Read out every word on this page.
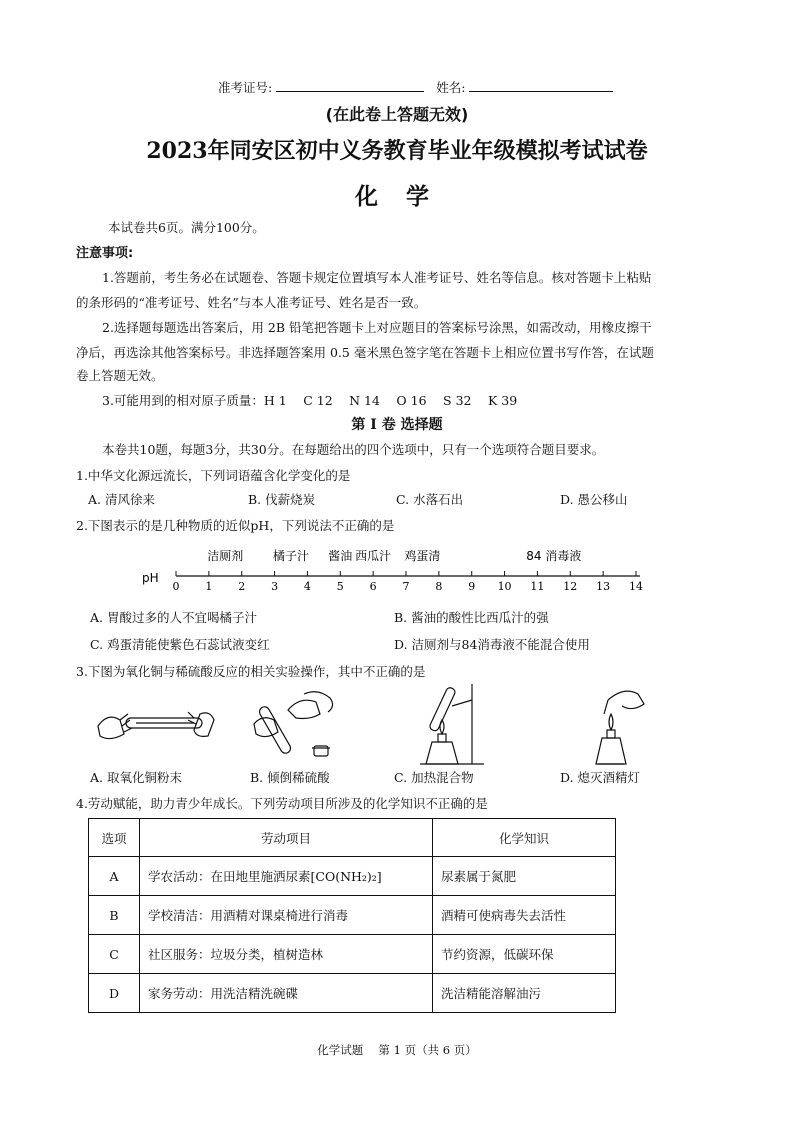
准考证号:	姓名:
(在此卷上答题无效)
2023年同安区初中义务教育毕业年级模拟考试试卷
化 学
本试卷共6页。满分100分。
注意事项:
1.答题前，考生务必在试题卷、答题卡规定位置填写本人准考证号、姓名等信息。核对答题卡上粘贴
的条形码的“准考证号、姓名”与本人准考证号、姓名是否一致。
2.选择题每题选出答案后，用 2B 铅笔把答题卡上对应题目的答案标号涂黑，如需改动，用橡皮擦干
净后，再选涂其他答案标号。非选择题答案用 0.5 毫米黑色签字笔在答题卡上相应位置书写作答，在试题
卷上答题无效。
3.可能用到的相对原子质量：H 1　 C 12　 N 14　 O 16　 S 32　 K 39
第 I 卷 选择题
本卷共10题，每题3分，共30分。在每题给出的四个选项中，只有一个选项符合题目要求。
1.中华文化源远流长，下列词语蕴含化学变化的是
A. 清风徐来	B. 伐薪烧炭	C. 水落石出	D. 愚公移山
2.下图表示的是几种物质的近似pH，下列说法不正确的是
pH
0 1 2 3 4 5 6 7 8 9 10 11 12 13 14
洁厕剂 橘子汁 酱油 西瓜汁 鸡蛋清	84 消毒液
A. 胃酸过多的人不宜喝橘子汁	B. 酱油的酸性比西瓜汁的强
C. 鸡蛋清能使紫色石蕊试液变红	D. 洁厕剂与84消毒液不能混合使用
3.下图为氧化铜与稀硫酸反应的相关实验操作，其中不正确的是
A. 取氧化铜粉末	B. 倾倒稀硫酸	C. 加热混合物	D. 熄灭酒精灯
4.劳动赋能，助力青少年成长。下列劳动项目所涉及的化学知识不正确的是
选项	劳动项目	化学知识
A	学农活动：在田地里施洒尿素[CO(NH₂)₂]	尿素属于氮肥
B	学校清洁：用酒精对课桌椅进行消毒	酒精可使病毒失去活性
C	社区服务：垃圾分类，植树造林	节约资源，低碳环保
D	家务劳动：用洗洁精洗碗碟	洗洁精能溶解油污
化学试题　 第 1 页（共 6 页）
